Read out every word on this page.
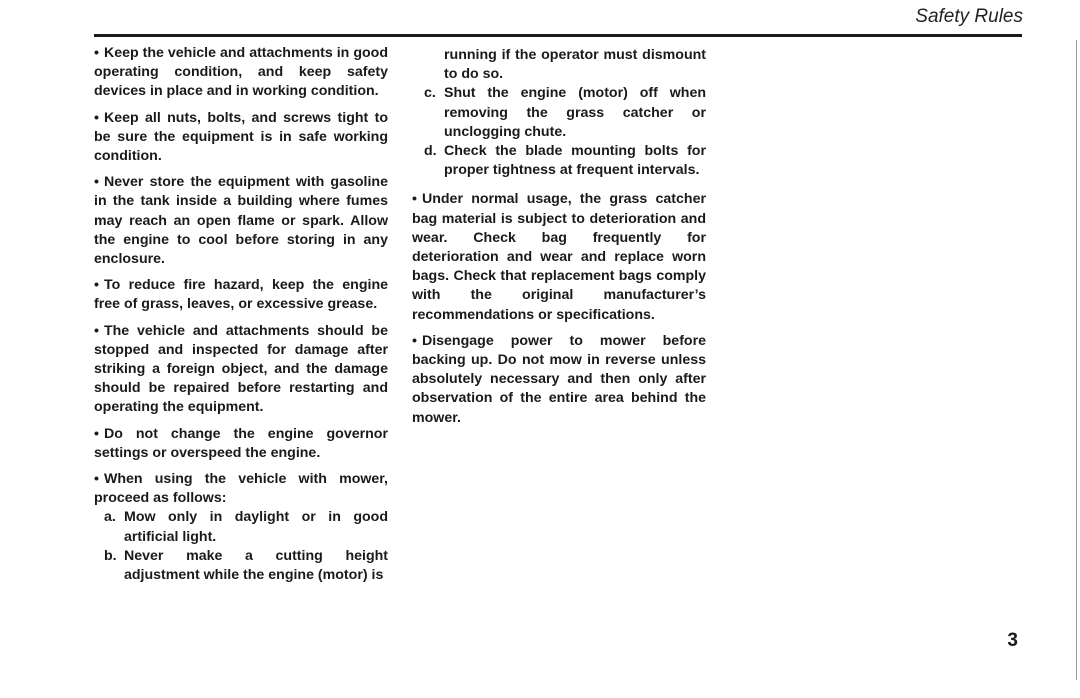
Safety Rules

• Keep the vehicle and attachments in good operating condition, and keep safety devices in place and in working condition.

• Keep all nuts, bolts, and screws tight to be sure the equipment is in safe working condition.

• Never store the equipment with gasoline in the tank inside a building where fumes may reach an open flame or spark. Allow the engine to cool before storing in any enclosure.

• To reduce fire hazard, keep the engine free of grass, leaves, or excessive grease.

• The vehicle and attachments should be stopped and inspected for damage after striking a foreign object, and the damage should be repaired before restarting and operating the equipment.

• Do not change the engine governor settings or overspeed the engine.

• When using the vehicle with mower, proceed as follows:

a. Mow only in daylight or in good artificial light.
b. Never make a cutting height adjustment while the engine (motor) is

running if the operator must dismount to do so.

c. Shut the engine (motor) off when removing the grass catcher or unclogging chute.
d. Check the blade mounting bolts for proper tightness at frequent intervals.

• Under normal usage, the grass catcher bag material is subject to deterioration and wear. Check bag frequently for deterioration and wear and replace worn bags. Check that replacement bags comply with the original manufacturer’s recommendations or specifications.

• Disengage power to mower before backing up. Do not mow in reverse unless absolutely necessary and then only after observation of the entire area behind the mower.

3
